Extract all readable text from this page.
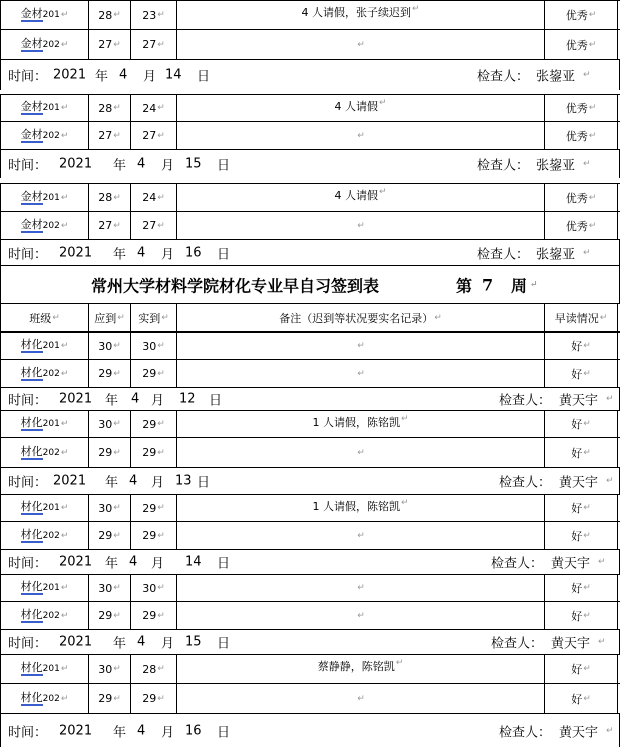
金材 201 ↵	28 ↵ 23 ↵	4 人请假，张子续迟到 ↵	优秀 ↵
金材 202 ↵	27 ↵ 27 ↵	↵	优秀 ↵
时间： 2021 年 4 月 14 日	检查人： 张鋆亚 ↵
金材 201 ↵	28 ↵ 24 ↵	4 人请假 ↵	优秀 ↵
金材 202 ↵	27 ↵ 27 ↵	↵	优秀 ↵
时间： 2021 年 4 月 15 日	检查人： 张鋆亚 ↵
金材 201 ↵	28 ↵ 24 ↵	4 人请假 ↵	优秀 ↵
金材 202 ↵	27 ↵ 27 ↵	↵	优秀 ↵
时间： 2021 年 4 月 16 日	检查人： 张鋆亚 ↵
常州大学材料学院材化专业早自习签到表	第 7 周 ↵
班级 ↵	应到 ↵ 实到 ↵	备注（迟到等状况要实名记录） ↵	早读情况 ↵
材化 201 ↵	30 ↵ 30 ↵	↵	好 ↵
材化 202 ↵	29 ↵ 29 ↵	↵	好 ↵
时间： 2021 年 4 月 12 日	检查人： 黄天宇 ↵
材化 201 ↵	30 ↵ 29 ↵	1 人请假，陈铭凯 ↵	好 ↵
材化 202 ↵	29 ↵ 29 ↵	↵	好 ↵
时间： 2021 年 4 月 13 日	检查人： 黄天宇 ↵
材化 201 ↵	30 ↵ 29 ↵	1 人请假，陈铭凯 ↵	好 ↵
材化 202 ↵	29 ↵ 29 ↵	↵	好 ↵
时间： 2021 年 4 月 14 日	检查人： 黄天宇 ↵
材化 201 ↵	30 ↵ 30 ↵	↵	好 ↵
材化 202 ↵	29 ↵ 29 ↵	↵	好 ↵
时间： 2021 年 4 月 15 日	检查人： 黄天宇 ↵
材化 201 ↵	30 ↵ 28 ↵	蔡静静，陈铭凯 ↵	好 ↵
材化 202 ↵	29 ↵ 29 ↵	↵	好 ↵
时间： 2021 年 4 月 16 日	检查人： 黄天宇 ↵
